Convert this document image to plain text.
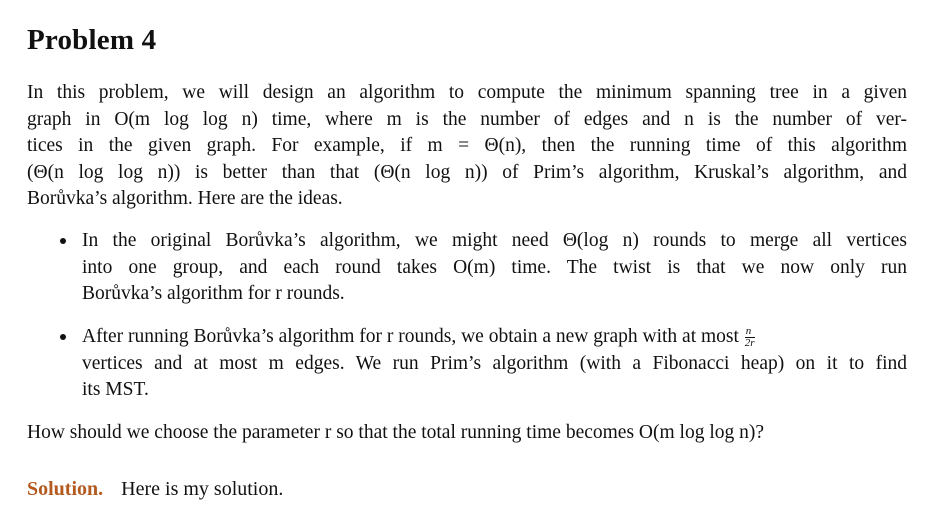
Problem 4
In this problem, we will design an algorithm to compute the minimum spanning tree in a given
graph in O(m log log n) time, where m is the number of edges and n is the number of ver-
tices in the given graph. For example, if m = Θ(n), then the running time of this algorithm
(Θ(n log log n)) is better than that (Θ(n log n)) of Prim’s algorithm, Kruskal’s algorithm, and
Borůvka’s algorithm. Here are the ideas.
In the original Borůvka’s algorithm, we might need Θ(log n) rounds to merge all vertices
into one group, and each round takes O(m) time. The twist is that we now only run
Borůvka’s algorithm for r rounds.
After running Borůvka’s algorithm for r rounds, we obtain a new graph with at most $\frac{n}{2r}$
vertices and at most m edges. We run Prim’s algorithm (with a Fibonacci heap) on it to find
its MST.
How should we choose the parameter r so that the total running time becomes O(m log log n)?
Solution. Here is my solution.
